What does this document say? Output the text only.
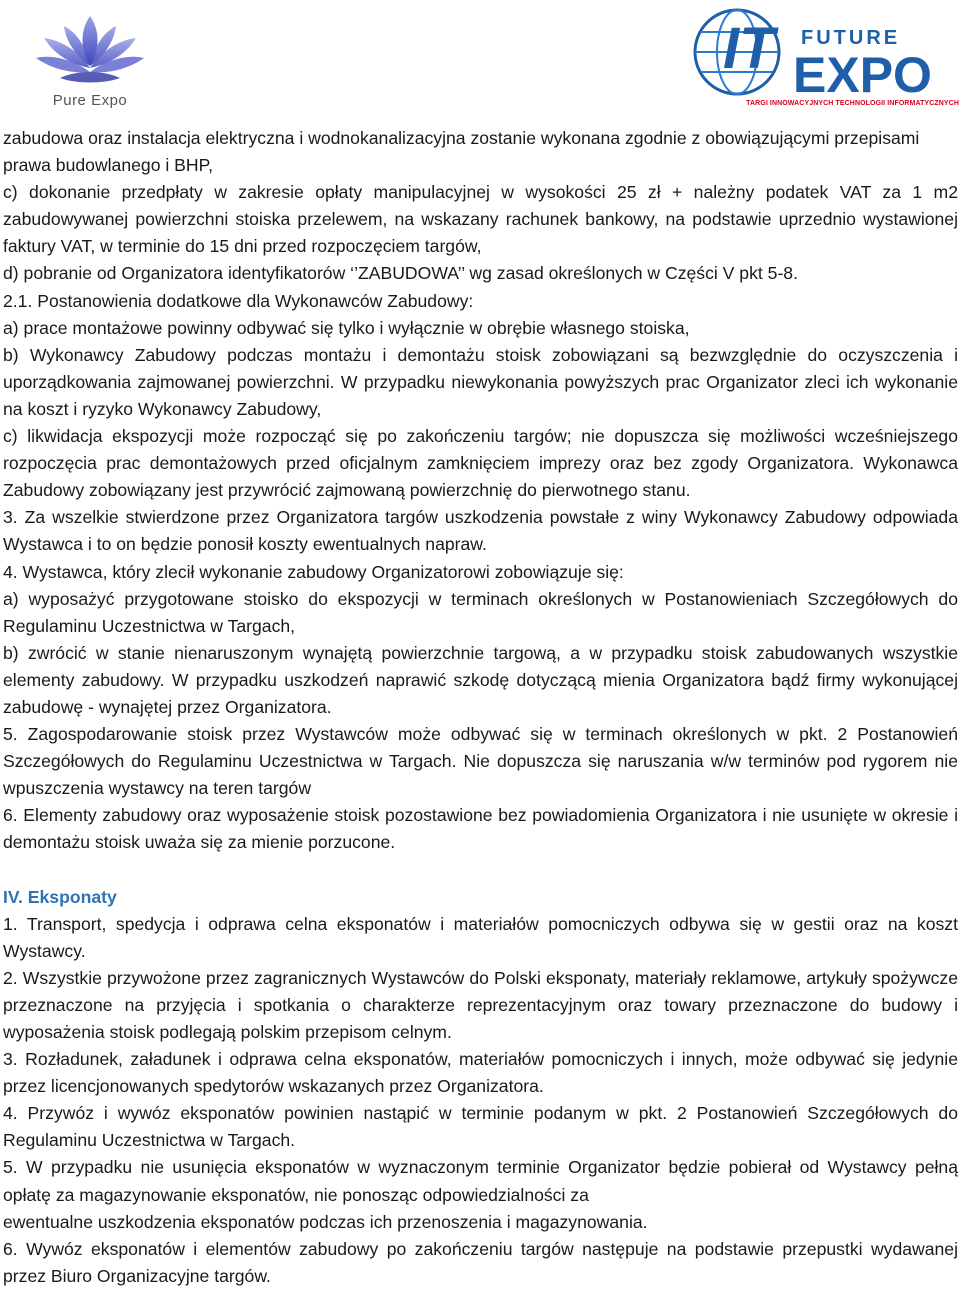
Pure Expo
IT FUTURE
EXPO
TARGI INNOWACYJNYCH TECHNOLOGII INFORMATYCZNYCH

zabudowa oraz instalacja elektryczna i wodnokanalizacyjna zostanie wykonana zgodnie z obowiązującymi przepisami prawa budowlanego i BHP,

c) dokonanie przedpłaty w zakresie opłaty manipulacyjnej w wysokości 25 zł + należny podatek VAT za 1 m2 zabudowywanej powierzchni stoiska przelewem, na wskazany rachunek bankowy, na podstawie uprzednio wystawionej faktury VAT, w terminie do 15 dni przed rozpoczęciem targów,

d) pobranie od Organizatora identyfikatorów ‘’ZABUDOWA’’ wg zasad określonych w Części V pkt 5-8.

2.1. Postanowienia dodatkowe dla Wykonawców Zabudowy:

a) prace montażowe powinny odbywać się tylko i wyłącznie w obrębie własnego stoiska,

b) Wykonawcy Zabudowy podczas montażu i demontażu stoisk zobowiązani są bezwzględnie do oczyszczenia i uporządkowania zajmowanej powierzchni. W przypadku niewykonania powyższych prac Organizator zleci ich wykonanie na koszt i ryzyko Wykonawcy Zabudowy,

c) likwidacja ekspozycji może rozpocząć się po zakończeniu targów; nie dopuszcza się możliwości wcześniejszego rozpoczęcia prac demontażowych przed oficjalnym zamknięciem imprezy oraz bez zgody Organizatora. Wykonawca Zabudowy zobowiązany jest przywrócić zajmowaną powierzchnię do pierwotnego stanu.

3. Za wszelkie stwierdzone przez Organizatora targów uszkodzenia powstałe z winy Wykonawcy Zabudowy odpowiada Wystawca i to on będzie ponosił koszty ewentualnych napraw.

4. Wystawca, który zlecił wykonanie zabudowy Organizatorowi zobowiązuje się:

a) wyposażyć przygotowane stoisko do ekspozycji w terminach określonych w Postanowieniach Szczegółowych do Regulaminu Uczestnictwa w Targach,

b) zwrócić w stanie nienaruszonym wynajętą powierzchnie targową, a w przypadku stoisk zabudowanych wszystkie elementy zabudowy. W przypadku uszkodzeń naprawić szkodę dotyczącą mienia Organizatora bądź firmy wykonującej zabudowę - wynajętej przez Organizatora.

5. Zagospodarowanie stoisk przez Wystawców może odbywać się w terminach określonych w pkt. 2 Postanowień Szczegółowych do Regulaminu Uczestnictwa w Targach. Nie dopuszcza się naruszania w/w terminów pod rygorem nie wpuszczenia wystawcy na teren targów

6. Elementy zabudowy oraz wyposażenie stoisk pozostawione bez powiadomienia Organizatora i nie usunięte w okresie i demontażu stoisk uważa się za mienie porzucone.

IV. Eksponaty

1. Transport, spedycja i odprawa celna eksponatów i materiałów pomocniczych odbywa się w gestii oraz na koszt Wystawcy.

2. Wszystkie przywożone przez zagranicznych Wystawców do Polski eksponaty, materiały reklamowe, artykuły spożywcze przeznaczone na przyjęcia i spotkania o charakterze reprezentacyjnym oraz towary przeznaczone do budowy i wyposażenia stoisk podlegają polskim przepisom celnym.

3. Rozładunek, załadunek i odprawa celna eksponatów, materiałów pomocniczych i innych, może odbywać się jedynie przez licencjonowanych spedytorów wskazanych przez Organizatora.

4. Przywóz i wywóz eksponatów powinien nastąpić w terminie podanym w pkt. 2 Postanowień Szczegółowych do Regulaminu Uczestnictwa w Targach.

5. W przypadku nie usunięcia eksponatów w wyznaczonym terminie Organizator będzie pobierał od Wystawcy pełną opłatę za magazynowanie eksponatów, nie ponosząc odpowiedzialności za

ewentualne uszkodzenia eksponatów podczas ich przenoszenia i magazynowania.

6. Wywóz eksponatów i elementów zabudowy po zakończeniu targów następuje na podstawie przepustki wydawanej przez Biuro Organizacyjne targów.
